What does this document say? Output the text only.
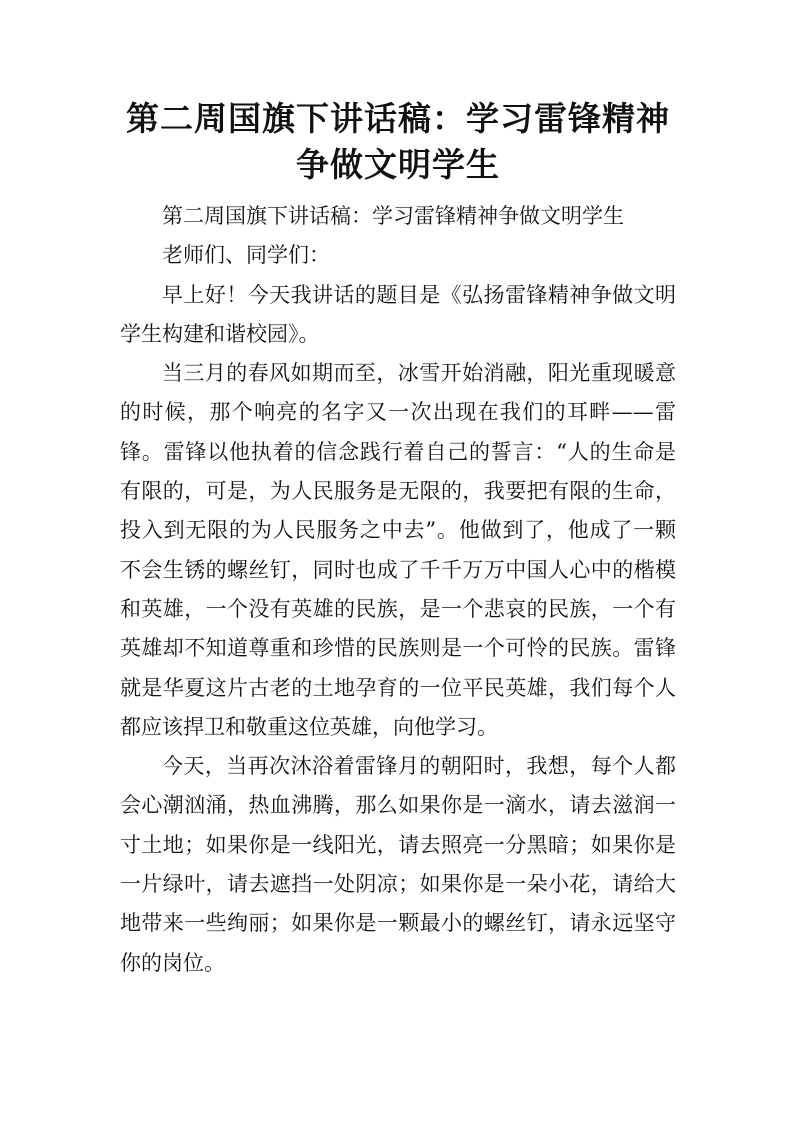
第二周国旗下讲话稿：学习雷锋精神 争做文明学生

第二周国旗下讲话稿：学习雷锋精神争做文明学生

老师们、同学们：

早上好！今天我讲话的题目是《弘扬雷锋精神争做文明学生构建和谐校园》。

当三月的春风如期而至，冰雪开始消融，阳光重现暖意的时候，那个响亮的名字又一次出现在我们的耳畔——雷锋。雷锋以他执着的信念践行着自己的誓言：“人的生命是有限的，可是，为人民服务是无限的，我要把有限的生命，投入到无限的为人民服务之中去”。他做到了，他成了一颗不会生锈的螺丝钉，同时也成了千千万万中国人心中的楷模和英雄，一个没有英雄的民族，是一个悲哀的民族，一个有英雄却不知道尊重和珍惜的民族则是一个可怜的民族。雷锋就是华夏这片古老的土地孕育的一位平民英雄，我们每个人都应该捍卫和敬重这位英雄，向他学习。

今天，当再次沐浴着雷锋月的朝阳时，我想，每个人都会心潮汹涌，热血沸腾，那么如果你是一滴水，请去滋润一寸土地；如果你是一线阳光，请去照亮一分黑暗；如果你是一片绿叶，请去遮挡一处阴凉；如果你是一朵小花，请给大地带来一些绚丽；如果你是一颗最小的螺丝钉，请永远坚守你的岗位。
